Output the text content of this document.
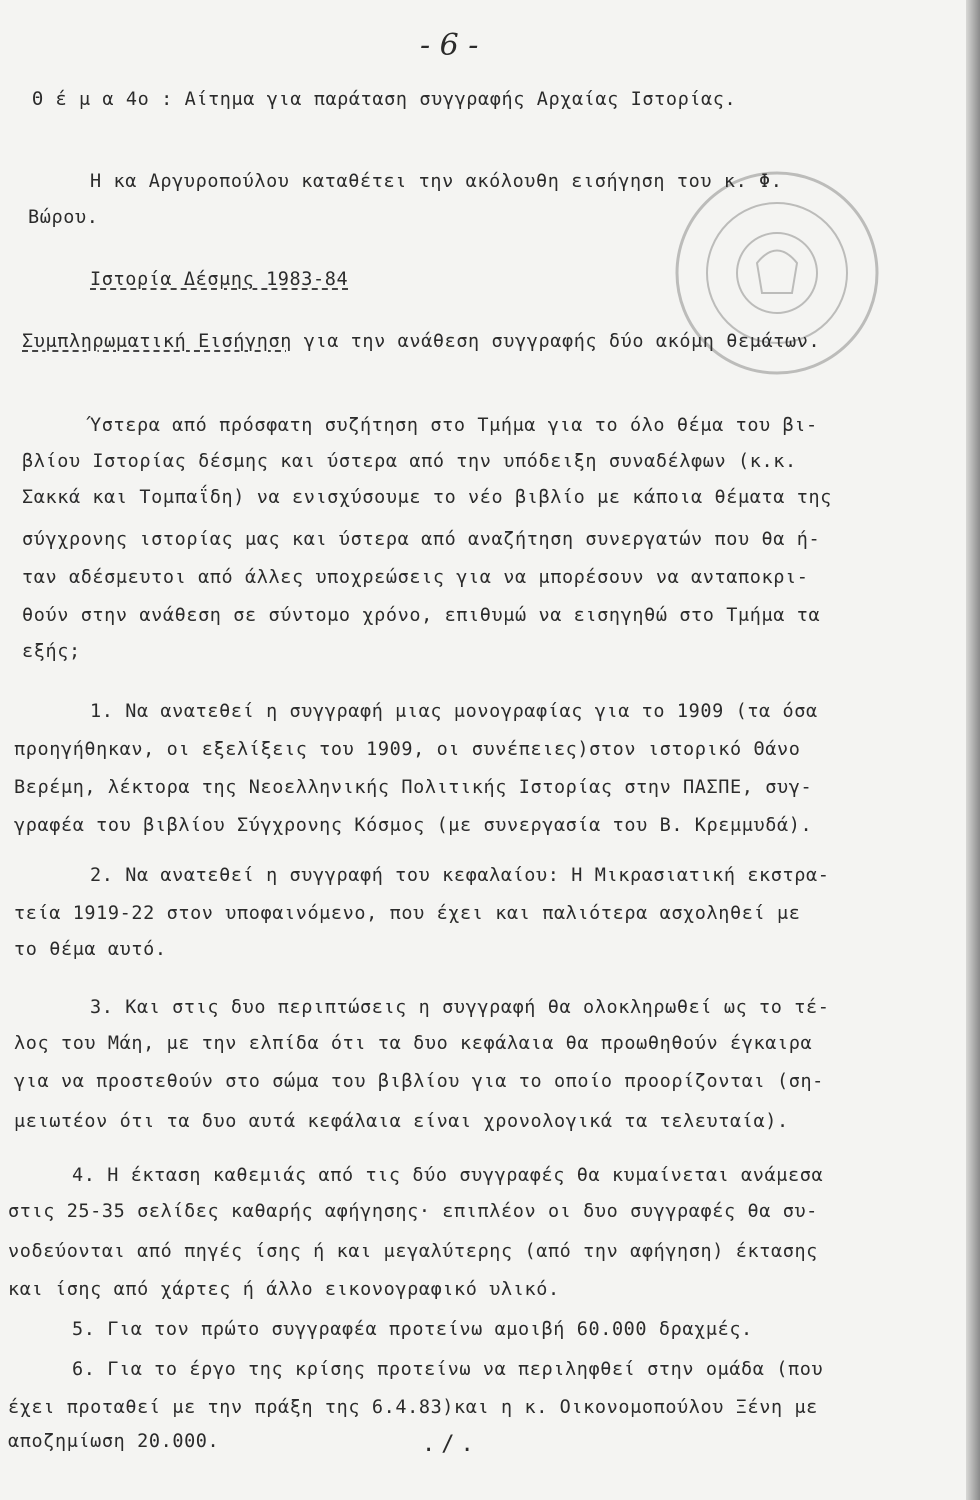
- 6 -
Θ έ μ α 4ο : Αίτημα για παράταση συγγραφής Αρχαίας Ιστορίας.
Η κα Αργυροπούλου καταθέτει την ακόλουθη εισήγηση του κ. Φ.
Βώρου.
Ιστορία Δέσμης 1983-84
Συμπληρωματική Εισήγηση για την ανάθεση συγγραφής δύο ακόμη θεμάτων.
Ύστερα από πρόσφατη συζήτηση στο Τμήμα για το όλο θέμα του βι-
βλίου Ιστορίας δέσμης και ύστερα από την υπόδειξη συναδέλφων (κ.κ.
Σακκά και Τομπαΐδη) να ενισχύσουμε το νέο βιβλίο με κάποια θέματα της
σύγχρονης ιστορίας μας και ύστερα από αναζήτηση συνεργατών που θα ή-
ταν αδέσμευτοι από άλλες υποχρεώσεις για να μπορέσουν να ανταποκρι-
θούν στην ανάθεση σε σύντομο χρόνο, επιθυμώ να εισηγηθώ στο Τμήμα τα
εξής;
1. Να ανατεθεί η συγγραφή μιας μονογραφίας για το 1909 (τα όσα
προηγήθηκαν, οι εξελίξεις του 1909, οι συνέπειες)στον ιστορικό Θάνο
Βερέμη, λέκτορα της Νεοελληνικής Πολιτικής Ιστορίας στην ΠΑΣΠΕ, συγ-
γραφέα του βιβλίου Σύγχρονης Κόσμος (με συνεργασία του Β. Κρεμμυδά).
2. Να ανατεθεί η συγγραφή του κεφαλαίου: Η Μικρασιατική εκστρα-
τεία 1919-22 στον υποφαινόμενο, που έχει και παλιότερα ασχοληθεί με
το θέμα αυτό.
3. Και στις δυο περιπτώσεις η συγγραφή θα ολοκληρωθεί ως το τέ-
λος του Μάη, με την ελπίδα ότι τα δυο κεφάλαια θα προωθηθούν έγκαιρα
για να προστεθούν στο σώμα του βιβλίου για το οποίο προορίζονται (ση-
μειωτέον ότι τα δυο αυτά κεφάλαια είναι χρονολογικά τα τελευταία).
4. Η έκταση καθεμιάς από τις δύο συγγραφές θα κυμαίνεται ανάμεσα
στις 25-35 σελίδες καθαρής αφήγησης· επιπλέον οι δυο συγγραφές θα συ-
νοδεύονται από πηγές ίσης ή και μεγαλύτερης (από την αφήγηση) έκτασης
και ίσης από χάρτες ή άλλο εικονογραφικό υλικό.
5. Για τον πρώτο συγγραφέα προτείνω αμοιβή 60.000 δραχμές.
6. Για το έργο της κρίσης προτείνω να περιληφθεί στην ομάδα (που
έχει προταθεί με την πράξη της 6.4.83)και η κ. Οικονομοπούλου Ξένη με
αποζημίωση 20.000.	./.
